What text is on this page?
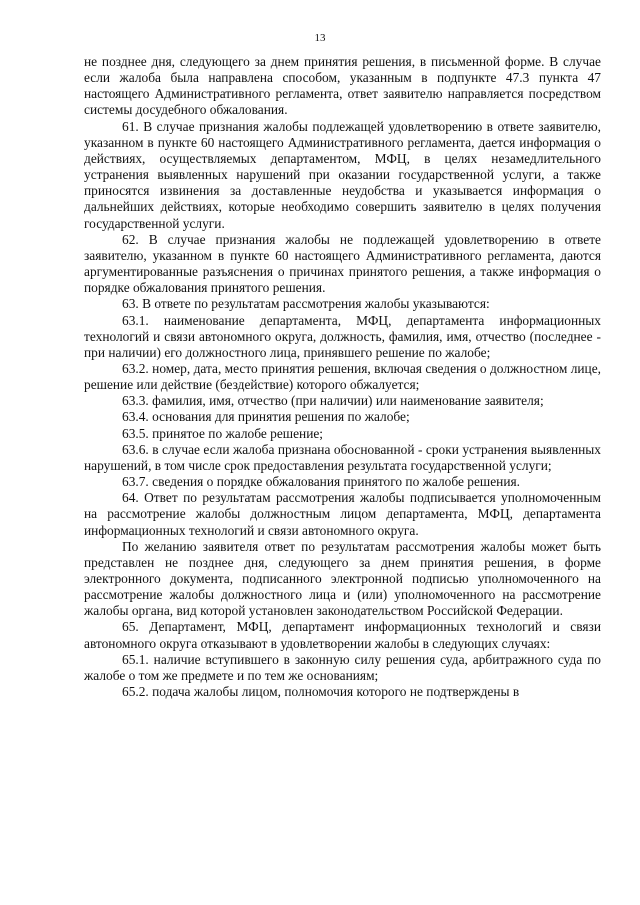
13

не позднее дня, следующего за днем принятия решения, в письменной форме. В случае если жалоба была направлена способом, указанным в подпункте 47.3 пункта 47 настоящего Административного регламента, ответ заявителю направляется посредством системы досудебного обжалования.

61. В случае признания жалобы подлежащей удовлетворению в ответе заявителю, указанном в пункте 60 настоящего Административного регламента, дается информация о действиях, осуществляемых департаментом, МФЦ, в целях незамедлительного устранения выявленных нарушений при оказании государственной услуги, а также приносятся извинения за доставленные неудобства и указывается информация о дальнейших действиях, которые необходимо совершить заявителю в целях получения государственной услуги.

62. В случае признания жалобы не подлежащей удовлетворению в ответе заявителю, указанном в пункте 60 настоящего Административного регламента, даются аргументированные разъяснения о причинах принятого решения, а также информация о порядке обжалования принятого решения.

63. В ответе по результатам рассмотрения жалобы указываются:

63.1. наименование департамента, МФЦ, департамента информационных технологий и связи автономного округа, должность, фамилия, имя, отчество (последнее - при наличии) его должностного лица, принявшего решение по жалобе;

63.2. номер, дата, место принятия решения, включая сведения о должностном лице, решение или действие (бездействие) которого обжалуется;

63.3. фамилия, имя, отчество (при наличии) или наименование заявителя;

63.4. основания для принятия решения по жалобе;

63.5. принятое по жалобе решение;

63.6. в случае если жалоба признана обоснованной - сроки устранения выявленных нарушений, в том числе срок предоставления результата государственной услуги;

63.7. сведения о порядке обжалования принятого по жалобе решения.

64. Ответ по результатам рассмотрения жалобы подписывается уполномоченным на рассмотрение жалобы должностным лицом департамента, МФЦ, департамента информационных технологий и связи автономного округа.

По желанию заявителя ответ по результатам рассмотрения жалобы может быть представлен не позднее дня, следующего за днем принятия решения, в форме электронного документа, подписанного электронной подписью уполномоченного на рассмотрение жалобы должностного лица и (или) уполномоченного на рассмотрение жалобы органа, вид которой установлен законодательством Российской Федерации.

65. Департамент, МФЦ, департамент информационных технологий и связи автономного округа отказывают в удовлетворении жалобы в следующих случаях:

65.1. наличие вступившего в законную силу решения суда, арбитражного суда по жалобе о том же предмете и по тем же основаниям;

65.2. подача жалобы лицом, полномочия которого не подтверждены в
